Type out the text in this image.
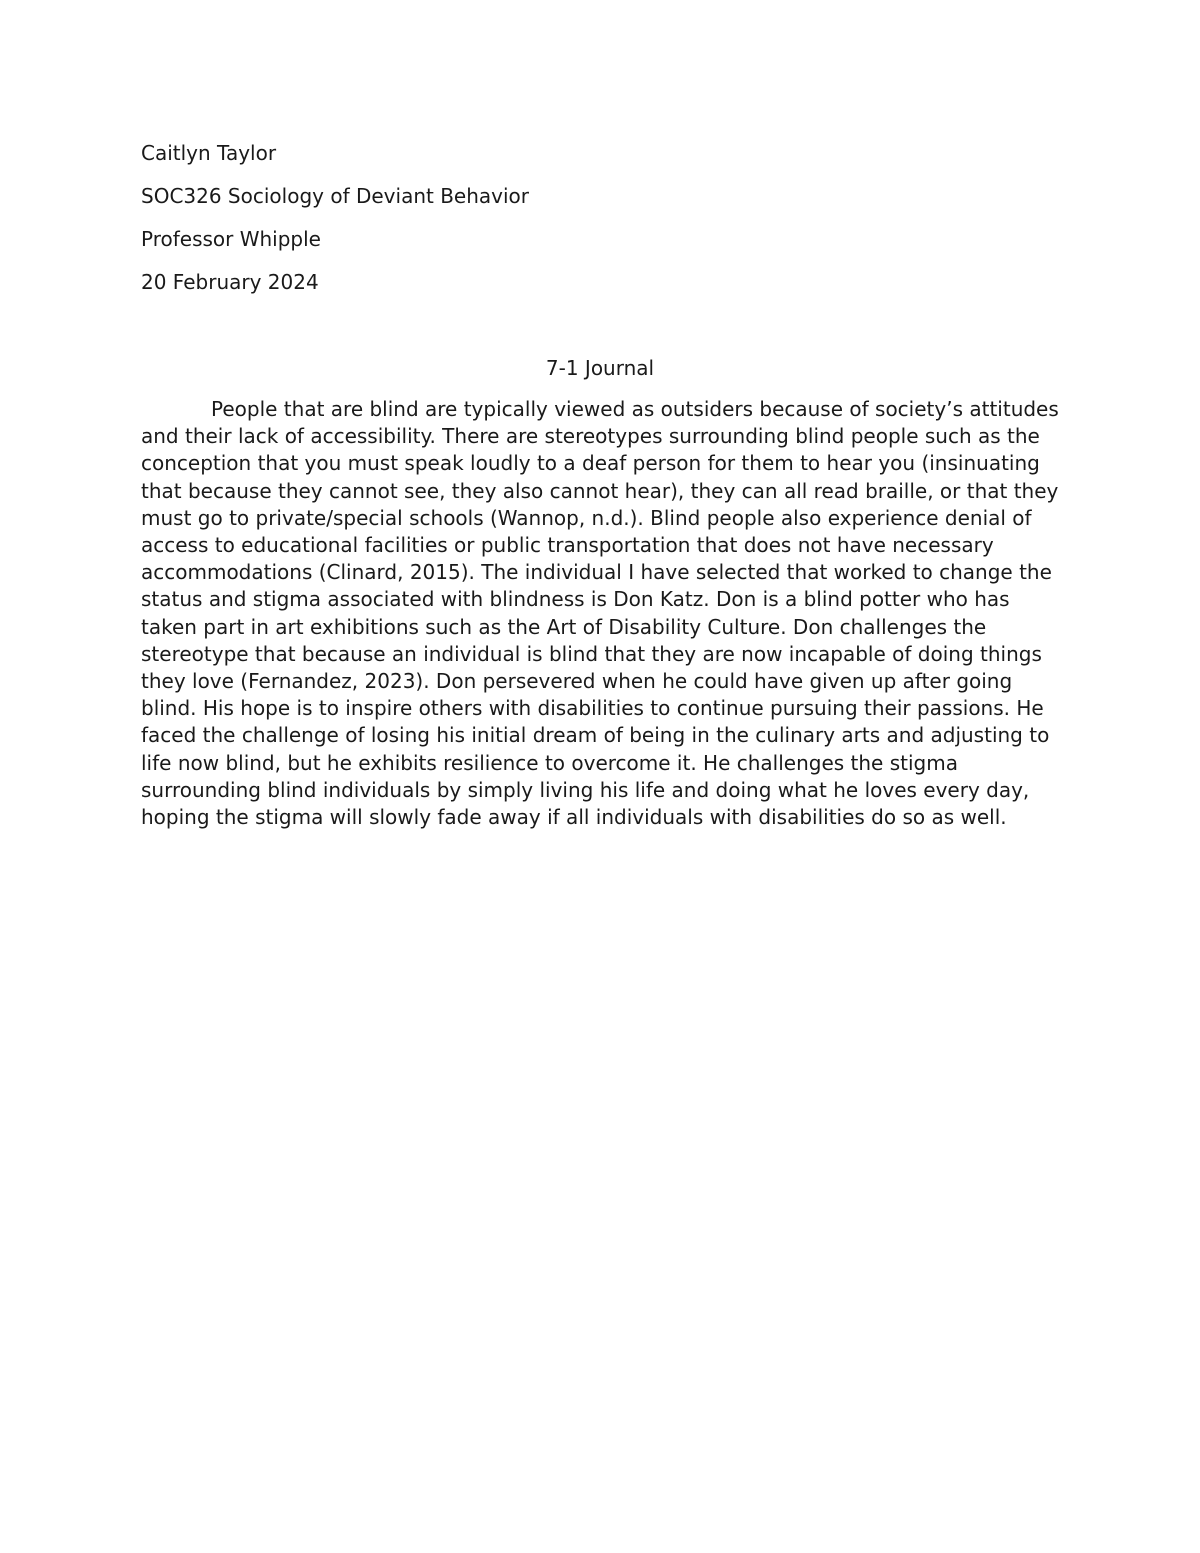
Caitlyn Taylor
SOC326 Sociology of Deviant Behavior
Professor Whipple
20 February 2024
7-1 Journal

People that are blind are typically viewed as outsiders because of society’s attitudes and their lack of accessibility. There are stereotypes surrounding blind people such as the conception that you must speak loudly to a deaf person for them to hear you (insinuating that because they cannot see, they also cannot hear), they can all read braille, or that they must go to private/special schools (Wannop, n.d.). Blind people also experience denial of access to educational facilities or public transportation that does not have necessary accommodations (Clinard, 2015). The individual I have selected that worked to change the status and stigma associated with blindness is Don Katz. Don is a blind potter who has taken part in art exhibitions such as the Art of Disability Culture. Don challenges the stereotype that because an individual is blind that they are now incapable of doing things they love (Fernandez, 2023). Don persevered when he could have given up after going blind. His hope is to inspire others with disabilities to continue pursuing their passions. He faced the challenge of losing his initial dream of being in the culinary arts and adjusting to life now blind, but he exhibits resilience to overcome it. He challenges the stigma surrounding blind individuals by simply living his life and doing what he loves every day, hoping the stigma will slowly fade away if all individuals with disabilities do so as well.
